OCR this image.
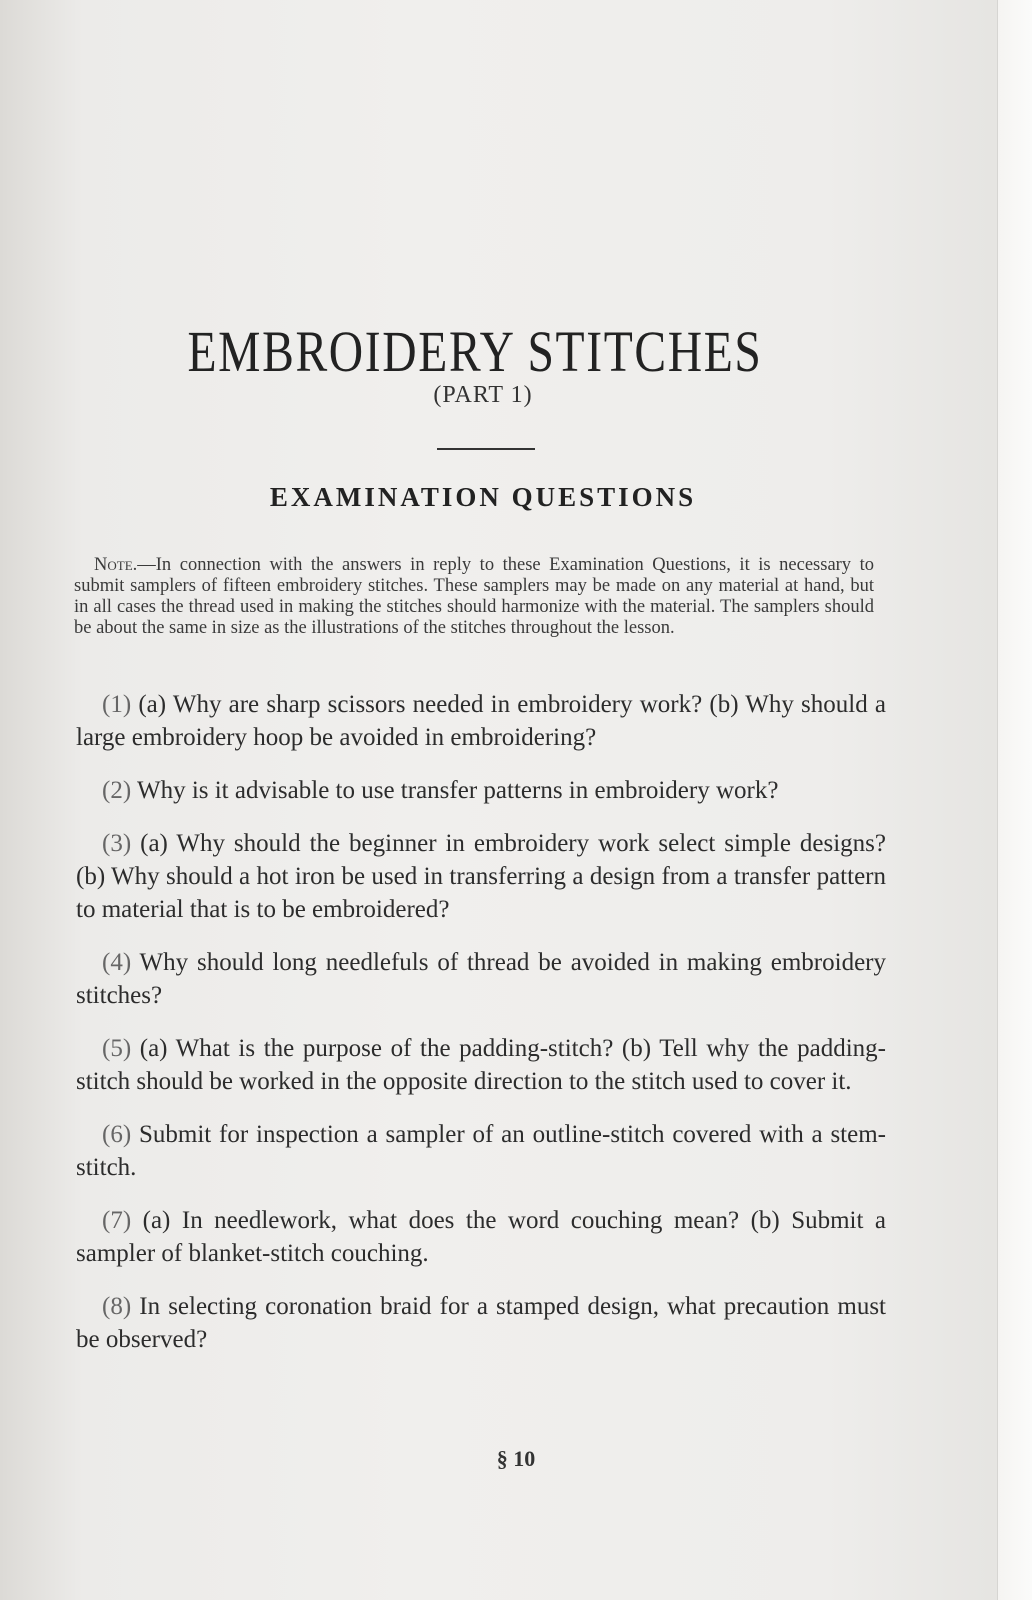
EMBROIDERY STITCHES
(PART 1)
EXAMINATION QUESTIONS

Note.—In connection with the answers in reply to these Examination Questions, it is necessary to submit samplers of fifteen embroidery stitches. These samplers may be made on any material at hand, but in all cases the thread used in making the stitches should harmonize with the material. The samplers should be about the same in size as the illustrations of the stitches throughout the lesson.

(1) (a) Why are sharp scissors needed in embroidery work? (b) Why should a large embroidery hoop be avoided in embroidering?

(2) Why is it advisable to use transfer patterns in embroidery work?

(3) (a) Why should the beginner in embroidery work select simple designs? (b) Why should a hot iron be used in transferring a design from a transfer pattern to material that is to be embroidered?

(4) Why should long needlefuls of thread be avoided in making embroidery stitches?

(5) (a) What is the purpose of the padding-stitch? (b) Tell why the padding-stitch should be worked in the opposite direction to the stitch used to cover it.

(6) Submit for inspection a sampler of an outline-stitch covered with a stem-stitch.

(7) (a) In needlework, what does the word couching mean? (b) Submit a sampler of blanket-stitch couching.

(8) In selecting coronation braid for a stamped design, what precaution must be observed?

§ 10
